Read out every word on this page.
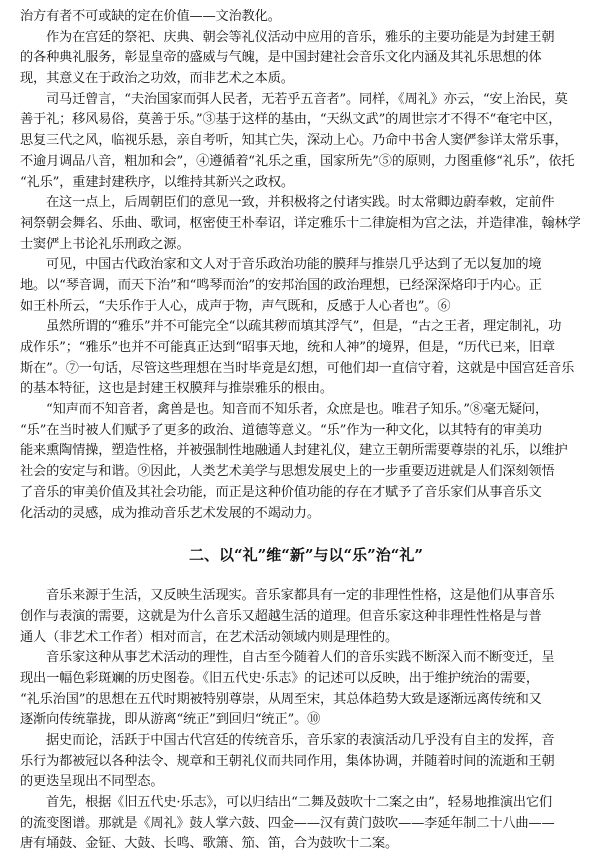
治方有者不可或缺的定在价值——文治教化。
作为在宫廷的祭祀、庆典、朝会等礼仪活动中应用的音乐，雅乐的主要功能是为封建王朝
的各种典礼服务，彰显皇帝的盛威与气魄，是中国封建社会音乐文化内涵及其礼乐思想的体
现，其意义在于政治之功效，而非艺术之本质。
司马迁曾言，“夫治国家而弭人民者，无若乎五音者”。同样，《周礼》亦云，“安上治民，莫
善于礼；移风易俗，莫善于乐。”③基于这样的基由，“天纵文武”的周世宗才不得不“奄宅中区，
思复三代之风，临视乐悬，亲自考听，知其亡失，深动上心。乃命中书舍人窦俨参详太常乐事，
不逾月调品八音，粗加和会”，④遵循着“礼乐之重，国家所先”⑤的原则，力图重修“礼乐”，依托
“礼乐”，重建封建秩序，以维持其新兴之政权。
在这一点上，后周朝臣们的意见一致，并积极将之付诸实践。时太常卿边蔚奉敕，定前件
祠祭朝会舞名、乐曲、歌词，枢密使王朴奉诏，详定雅乐十二律旋相为宫之法，并造律准，翰林学
士窦俨上书论礼乐刑政之源。
可见，中国古代政治家和文人对于音乐政治功能的膜拜与推崇几乎达到了无以复加的境
地。以“琴音调，而天下治”和“鸣琴而治”的安邦治国的政治理想，已经深深烙印于内心。正
如王朴所云，“夫乐作于人心，成声于物，声气既和，反感于人心者也”。⑥
虽然所谓的“雅乐”并不可能完全“以疏其秽而填其浮气”，但是，“古之王者，理定制礼，功
成作乐”；“雅乐”也并不可能真正达到“昭事天地，统和人神”的境界，但是，“历代已来，旧章
斯在”。⑦一句话，尽管这些理想在当时毕竟是幻想，可他们却一直信守着，这就是中国宫廷音乐
的基本特征，这也是封建王权膜拜与推崇雅乐的根由。
“知声而不知音者，禽兽是也。知音而不知乐者，众庶是也。唯君子知乐。”⑧毫无疑问，
“乐”在当时被人们赋予了更多的政治、道德等意义。“乐”作为一种文化，以其特有的审美功
能来熏陶情操，塑造性格，并被强制性地融通人封建礼仪，建立王朝所需要尊崇的礼乐，以维护
社会的安定与和谐。⑨因此，人类艺术美学与思想发展史上的一步重要迈进就是人们深刻领悟
了音乐的审美价值及其社会功能，而正是这种价值功能的存在才赋予了音乐家们从事音乐文
化活动的灵感，成为推动音乐艺术发展的不竭动力。
二、以“礼”维“新”与以“乐”治“礼”
音乐来源于生活，又反映生活现实。音乐家都具有一定的非理性性格，这是他们从事音乐
创作与表演的需要，这就是为什么音乐又超越生活的道理。但音乐家这种非理性性格是与普
通人（非艺术工作者）相对而言，在艺术活动领域内则是理性的。
音乐家这种从事艺术活动的理性，自古至今随着人们的音乐实践不断深入而不断变迁，呈
现出一幅色彩斑斓的历史图卷。《旧五代史·乐志》的记述可以反映，出于维护统治的需要，
“礼乐治国”的思想在五代时期被特别尊崇，从周至宋，其总体趋势大致是逐渐远离传统和又
逐渐向传统靠拢，即从游离“统正”到回归“统正”。⑩
据史而论，活跃于中国古代宫廷的传统音乐，音乐家的表演活动几乎没有自主的发挥，音
乐行为都被冠以各种法令、规章和王朝礼仪而共同作用，集体协调，并随着时间的流逝和王朝
的更迭呈现出不同型态。
首先，根据《旧五代史·乐志》，可以归结出“二舞及鼓吹十二案之由”，轻易地推演出它们
的流变图谱。那就是《周礼》鼓人掌六鼓、四金——汉有黄门鼓吹——李延年制二十八曲——
唐有埇鼓、金钲、大鼓、长鸣、歌箫、笳、笛，合为鼓吹十二案。
